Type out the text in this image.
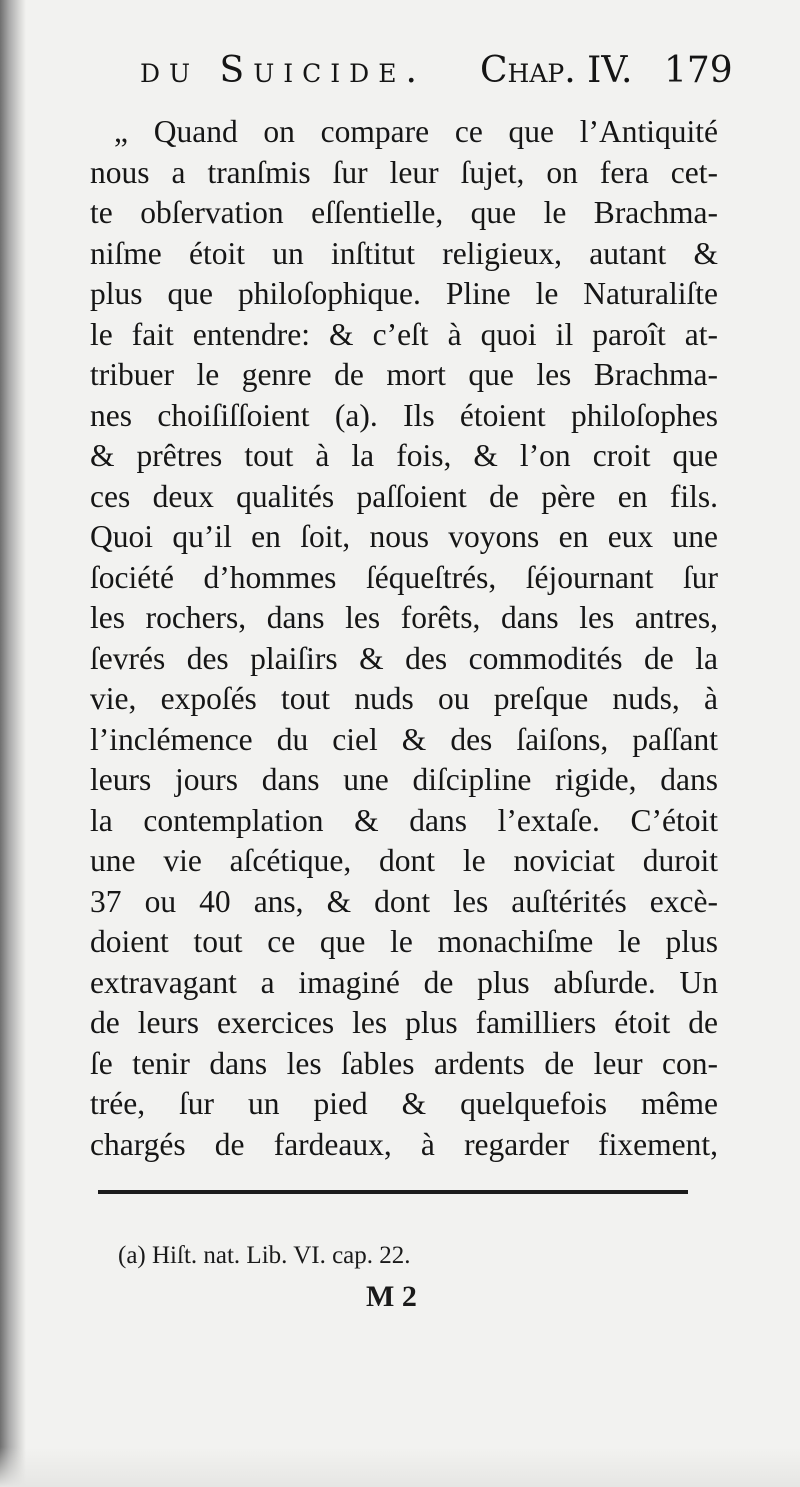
du Suicide. Chap. IV. 179
„ Quand on compare ce que l’Antiquité
nous a tranſmis ſur leur ſujet, on fera cet-
te obſervation eſſentielle, que le Brachma-
niſme étoit un inſtitut religieux, autant &
plus que philoſophique. Pline le Naturaliſte
le fait entendre: & c’eſt à quoi il paroît at-
tribuer le genre de mort que les Brachma-
nes choiſiſſoient (a). Ils étoient philoſophes
& prêtres tout à la fois, & l’on croit que
ces deux qualités paſſoient de père en fils.
Quoi qu’il en ſoit, nous voyons en eux une
ſociété d’hommes ſéqueſtrés, ſéjournant ſur
les rochers, dans les forêts, dans les antres,
ſevrés des plaiſirs & des commodités de la
vie, expoſés tout nuds ou preſque nuds, à
l’inclémence du ciel & des ſaiſons, paſſant
leurs jours dans une diſcipline rigide, dans
la contemplation & dans l’extaſe. C’étoit
une vie aſcétique, dont le noviciat duroit
37 ou 40 ans, & dont les auſtérités excè-
doient tout ce que le monachiſme le plus
extravagant a imaginé de plus abſurde. Un
de leurs exercices les plus familliers étoit de
ſe tenir dans les ſables ardents de leur con-
trée, ſur un pied & quelquefois même
chargés de fardeaux, à regarder fixement,
(a) Hiſt. nat. Lib. VI. cap. 22.
M 2
